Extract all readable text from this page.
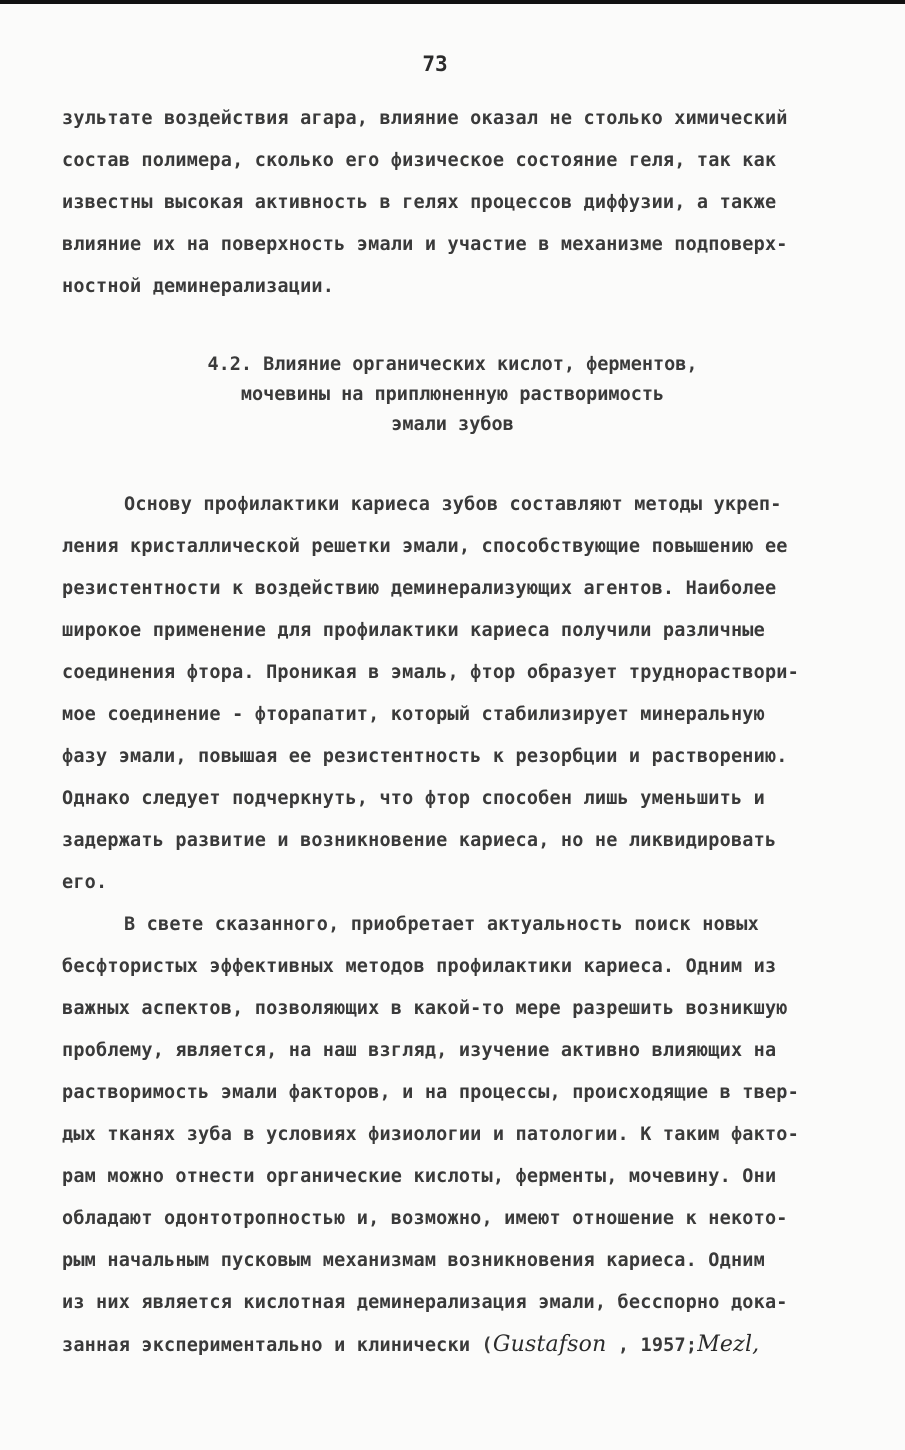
73
зультате воздействия агара, влияние оказал не столько химический
состав полимера, сколько его физическое состояние геля, так как
известны высокая активность в гелях процессов диффузии, а также
влияние их на поверхность эмали и участие в механизме подповерх-
ностной деминерализации.
4.2. Влияние органических кислот, ферментов,
мочевины на приплюненную растворимость
эмали зубов
Основу профилактики кариеса зубов составляют методы укреп-
ления кристаллической решетки эмали, способствующие повышению ее
резистентности к воздействию деминерализующих агентов. Наиболее
широкое применение для профилактики кариеса получили различные
соединения фтора. Проникая в эмаль, фтор образует труднораствори-
мое соединение - фторапатит, который стабилизирует минеральную
фазу эмали, повышая ее резистентность к резорбции и растворению.
Однако следует подчеркнуть, что фтор способен лишь уменьшить и
задержать развитие и возникновение кариеса, но не ликвидировать
его.
В свете сказанного, приобретает актуальность поиск новых
бесфтористых эффективных методов профилактики кариеса. Одним из
важных аспектов, позволяющих в какой-то мере разрешить возникшую
проблему, является, на наш взгляд, изучение активно влияющих на
растворимость эмали факторов, и на процессы, происходящие в твер-
дых тканях зуба в условиях физиологии и патологии. К таким факто-
рам можно отнести органические кислоты, ферменты, мочевину. Они
обладают одонтотропностью и, возможно, имеют отношение к некото-
рым начальным пусковым механизмам возникновения кариеса. Одним
из них является кислотная деминерализация эмали, бесспорно дока-
занная экспериментально и клинически (Gustafson , 1957;Mezl,
